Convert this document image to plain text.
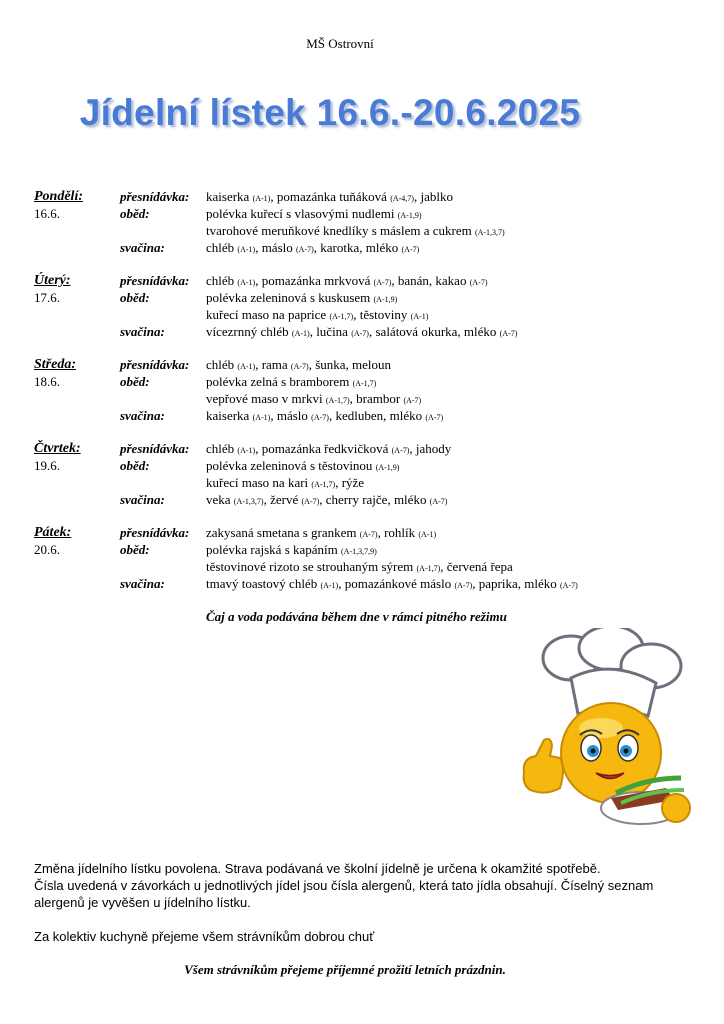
MŠ Ostrovní
Jídelní lístek 16.6.-20.6.2025
Pondělí:	přesnídávka: kaiserka (A-1), pomazánka tuňáková (A-4,7), jablko
16.6.	oběd:	polévka kuřecí s vlasovými nudlemi (A-1,9)
tvarohové meruňkové knedlíky s máslem a cukrem (A-1,3,7)
svačina:	chléb (A-1), máslo (A-7), karotka, mléko (A-7)
Úterý:	přesnídávka: chléb (A-1), pomazánka mrkvová (A-7), banán, kakao (A-7)
17.6.	oběd:	polévka zeleninová s kuskusem (A-1,9)
kuřecí maso na paprice (A-1,7), těstoviny (A-1)
svačina:	vícezrnný chléb (A-1), lučina (A-7), salátová okurka, mléko (A-7)
Středa:	přesnídávka: chléb (A-1), rama (A-7), šunka, meloun
18.6.	oběd:	polévka zelná s bramborem (A-1,7)
vepřové maso v mrkvi (A-1,7), brambor (A-7)
svačina:	kaiserka (A-1), máslo (A-7), kedluben, mléko (A-7)
Čtvrtek:	přesnídávka: chléb (A-1), pomazánka ředkvičková (A-7), jahody
19.6.	oběd:	polévka zeleninová s těstovinou (A-1,9)
kuřecí maso na kari (A-1,7), rýže
svačina:	veka (A-1,3,7), žervé (A-7), cherry rajče, mléko (A-7)
Pátek:	přesnídávka: zakysaná smetana s grankem (A-7), rohlík (A-1)
20.6.	oběd:	polévka rajská s kapáním (A-1,3,7,9)
těstovinové rizoto se strouhaným sýrem (A-1,7), červená řepa
svačina:	tmavý toastový chléb (A-1), pomazánkové máslo (A-7), paprika, mléko (A-7)
Čaj a voda podávána během dne v rámci pitného režimu

Změna jídelního lístku povolena. Strava podávaná ve školní jídelně je určena k okamžité spotřebě.

Čísla uvedená v závorkách u jednotlivých jídel jsou čísla alergenů, která tato jídla obsahují. Číselný seznam alergenů je vyvěšen u jídelního lístku.

Za kolektiv kuchyně přejeme všem strávníkům dobrou chuť

Všem strávníkům přejeme příjemné prožití letních prázdnin.
